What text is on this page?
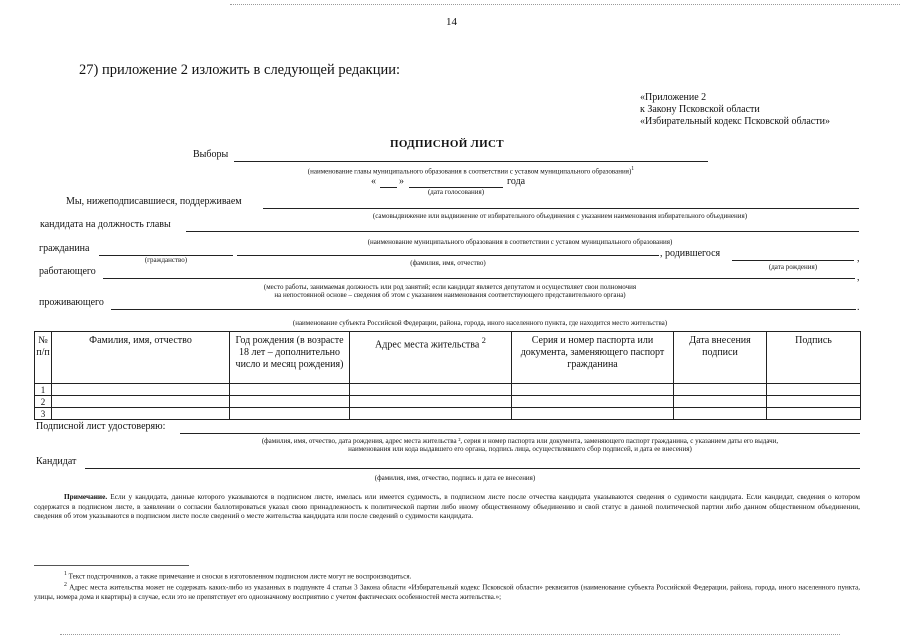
14
27) приложение 2 изложить в следующей редакции:
«Приложение 2
к Закону Псковской области
«Избирательный кодекс Псковской области»
ПОДПИСНОЙ ЛИСТ
Выборы
(наименование главы муниципального образования в соответствии с уставом муниципального образования)$^1$
« »	года
(дата голосования)
Мы, нижеподписавшиеся, поддерживаем
(самовыдвижение или выдвижение от избирательного объединения с указанием наименования избирательного объединения)
кандидата на должность главы
(наименование муниципального образования в соответствии с уставом муниципального образования)
гражданина	, родившегося	,
(гражданство)	(фамилия, имя, отчество)	(дата рождения)
работающего
,
(место работы, занимаемая должность или род занятий; если кандидат является депутатом и осуществляет свои полномочия
на непостоянной основе – сведения об этом с указанием наименования соответствующего представительного органа)
проживающего	.
(наименование субъекта Российской Федерации, района, города, иного населенного пункта, где находится место жительства)
№ п/п	Фамилия, имя, отчество	Год рождения (в возрасте 18 лет – дополнительно число и месяц рождения)	Адрес места жительства $^2$	Серия и номер паспорта или документа, заменяющего паспорт гражданина	Дата внесения подписи	Подпись
1						
2						
3						
Подписной лист удостоверяю:
(фамилия, имя, отчество, дата рождения, адрес места жительства ², серия и номер паспорта или документа, заменяющего паспорт гражданина, с указанием даты его выдачи,
наименования или кода выдавшего его органа, подпись лица, осуществлявшего сбор подписей, и дата ее внесения)
Кандидат
(фамилия, имя, отчество, подпись и дата ее внесения)
Примечание. Если у кандидата, данные которого указываются в подписном листе, имелась или имеется судимость, в подписном листе после отчества кандидата указываются сведения о судимости кандидата. Если кандидат, сведения о котором содержатся в подписном листе, в заявлении о согласии баллотироваться указал свою принадлежность к политической партии либо иному общественному объединению и свой статус в данной политической партии либо данном общественном объединении, сведения об этом указываются в подписном листе после сведений о месте жительства кандидата или после сведений о судимости кандидата.
$^1$ Текст подстрочников, а также примечание и сноски в изготовленном подписном листе могут не воспроизводиться.
$^2$ Адрес места жительства может не содержать каких-либо из указанных в подпункте 4 статьи 3 Закона области «Избирательный кодекс Псковской области» реквизитов (наименование субъекта Российской Федерации, района, города, иного населенного пункта, улицы, номера дома и квартиры) в случае, если это не препятствует его однозначному восприятию с учетом фактических особенностей места жительства.»;
